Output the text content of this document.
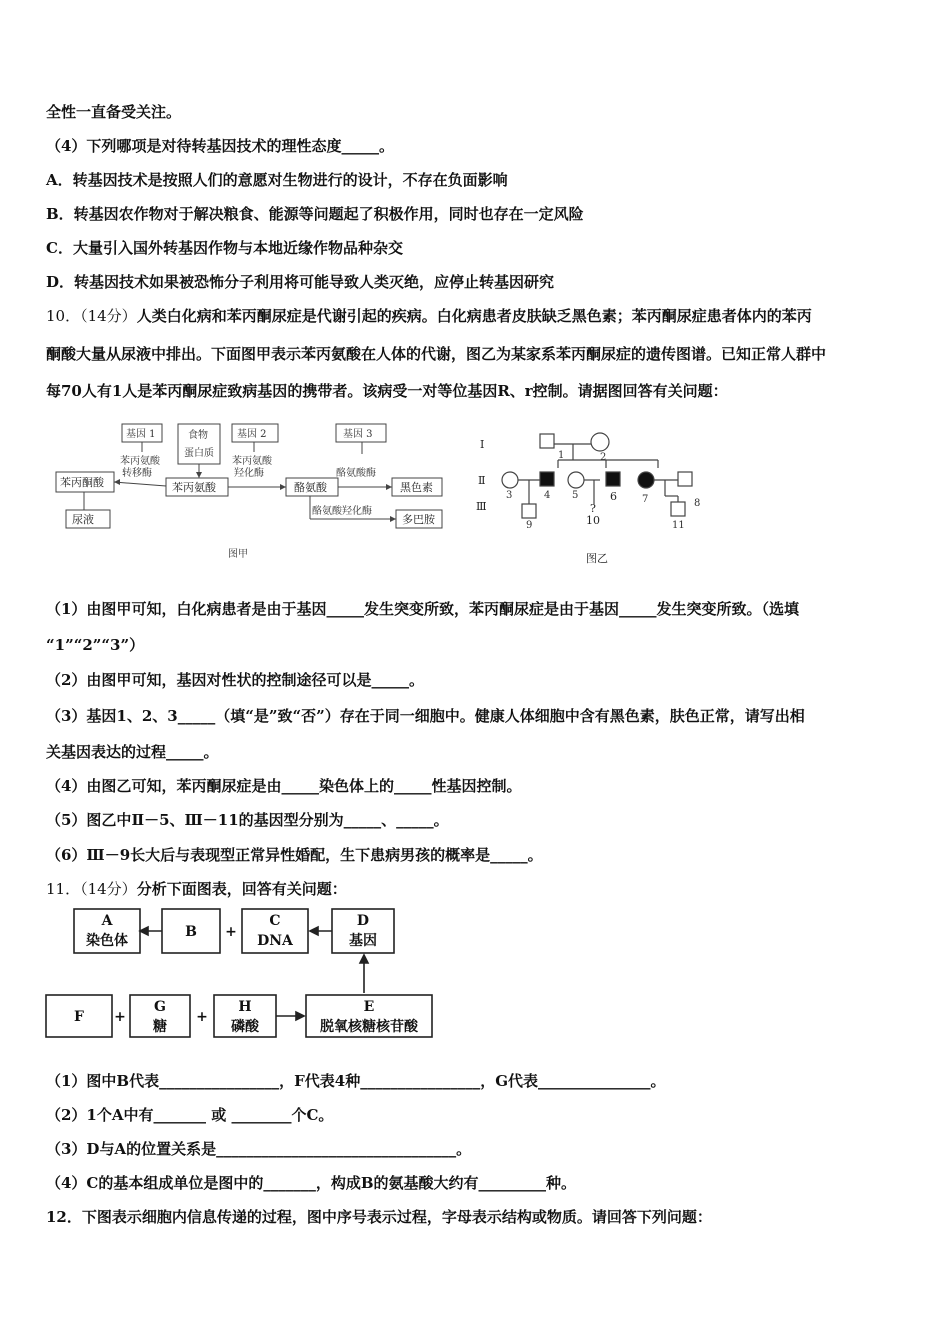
全性一直备受关注。
（4）下列哪项是对待转基因技术的理性态度_____。
A．转基因技术是按照人们的意愿对生物进行的设计，不存在负面影响
B．转基因农作物对于解决粮食、能源等问题起了积极作用，同时也存在一定风险
C．大量引入国外转基因作物与本地近缘作物品种杂交
D．转基因技术如果被恐怖分子利用将可能导致人类灭绝，应停止转基因研究
10．（14分）人类白化病和苯丙酮尿症是代谢引起的疾病。白化病患者皮肤缺乏黑色素；苯丙酮尿症患者体内的苯丙
酮酸大量从尿液中排出。下面图甲表示苯丙氨酸在人体的代谢，图乙为某家系苯丙酮尿症的遗传图谱。已知正常人群中
每70人有1人是苯丙酮尿症致病基因的携带者。该病受一对等位基因R、r控制。请据图回答有关问题：
基因 1	食物
蛋白质
基因 2	基因 3
苯丙氨酸
转移酶
苯丙氨酸
羟化酶	酪氨酸酶
酪氨酸羟化酶
苯丙酮酸
尿液
苯丙氨酸	酪氨酸	黑色素
多巴胺
图甲
Ⅰ
Ⅱ
Ⅲ
1	2
3	4 5	6	7	8
9
?
10	11
图乙
（1）由图甲可知，白化病患者是由于基因_____发生突变所致，苯丙酮尿症是由于基因_____发生突变所致。（选填
“1”“2”“3”）
（2）由图甲可知，基因对性状的控制途径可以是_____。
（3）基因1、2、3_____（填“是”致“否”）存在于同一细胞中。健康人体细胞中含有黑色素，肤色正常，请写出相
关基因表达的过程_____。
（4）由图乙可知，苯丙酮尿症是由_____染色体上的_____性基因控制。
（5）图乙中Ⅱ－5、Ⅲ－11的基因型分别为_____、_____。
（6）Ⅲ－9长大后与表现型正常异性婚配，生下患病男孩的概率是_____。
11．（14分）分析下面图表，回答有关问题：
A
染色体
B +
C
DNA
D
基因
F +
G
糖
+
H
磷酸
E
脱氧核糖核苷酸
（1）图中B代表________________，F代表4种________________，G代表_______________。
（2）1个A中有_______ 或 ________个C。
（3）D与A的位置关系是________________________________。
（4）C的基本组成单位是图中的_______，构成B的氨基酸大约有_________种。
12．下图表示细胞内信息传递的过程，图中序号表示过程，字母表示结构或物质。请回答下列问题：
